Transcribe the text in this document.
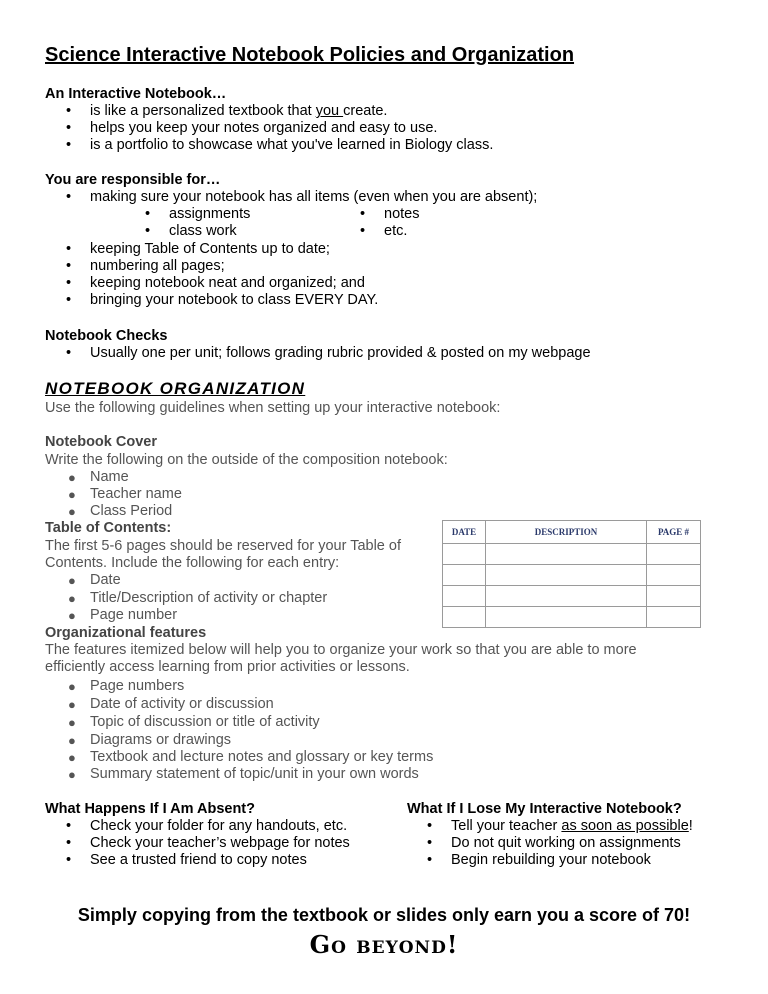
Science Interactive Notebook Policies and Organization
An Interactive Notebook…
• is like a personalized textbook that you create.
• helps you keep your notes organized and easy to use.
• is a portfolio to showcase what you've learned in Biology class.
You are responsible for…
• making sure your notebook has all items (even when you are absent);
• assignments	• notes
• class work	• etc.
• keeping Table of Contents up to date;
• numbering all pages;
• keeping notebook neat and organized; and
• bringing your notebook to class EVERY DAY.
Notebook Checks
• Usually one per unit; follows grading rubric provided & posted on my webpage
NOTEBOOK ORGANIZATION
Use the following guidelines when setting up your interactive notebook:
Notebook Cover
Write the following on the outside of the composition notebook:
● Name
● Teacher name
● Class Period
Table of Contents:
The first 5-6 pages should be reserved for your Table of
Contents. Include the following for each entry:
● Date
● Title/Description of activity or chapter
● Page number
DATE	DESCRIPTION	PAGE #

Organizational features
The features itemized below will help you to organize your work so that you are able to more
efficiently access learning from prior activities or lessons.
● Page numbers
● Date of activity or discussion
● Topic of discussion or title of activity
● Diagrams or drawings
● Textbook and lecture notes and glossary or key terms
● Summary statement of topic/unit in your own words
What Happens If I Am Absent?
• Check your folder for any handouts, etc.
• Check your teacher’s webpage for notes
• See a trusted friend to copy notes
What If I Lose My Interactive Notebook?
• Tell your teacher as soon as possible!
• Do not quit working on assignments
• Begin rebuilding your notebook
Simply copying from the textbook or slides only earn you a score of 70!
Go beyond!
